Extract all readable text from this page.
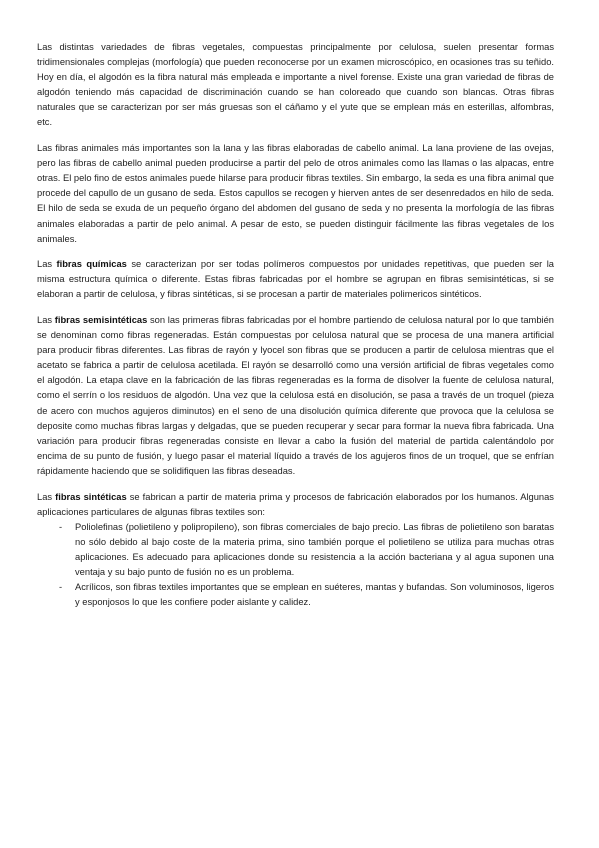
Las distintas variedades de fibras vegetales, compuestas principalmente por celulosa, suelen presentar formas tridimensionales complejas (morfología) que pueden reconocerse por un examen microscópico, en ocasiones tras su teñido. Hoy en día, el algodón es la fibra natural más empleada e importante a nivel forense. Existe una gran variedad de fibras de algodón teniendo más capacidad de discriminación cuando se han coloreado que cuando son blancas. Otras fibras naturales que se caracterizan por ser más gruesas son el cáñamo y el yute que se emplean más en esterillas, alfombras, etc.

Las fibras animales más importantes son la lana y las fibras elaboradas de cabello animal. La lana proviene de las ovejas, pero las fibras de cabello animal pueden producirse a partir del pelo de otros animales como las llamas o las alpacas, entre otras. El pelo fino de estos animales puede hilarse para producir fibras textiles. Sin embargo, la seda es una fibra animal que procede del capullo de un gusano de seda. Estos capullos se recogen y hierven antes de ser desenredados en hilo de seda. El hilo de seda se exuda de un pequeño órgano del abdomen del gusano de seda y no presenta la morfología de las fibras animales elaboradas a partir de pelo animal. A pesar de esto, se pueden distinguir fácilmente las fibras vegetales de los animales.

Las fibras químicas se caracterizan por ser todas polímeros compuestos por unidades repetitivas, que pueden ser la misma estructura química o diferente. Estas fibras fabricadas por el hombre se agrupan en fibras semisintéticas, si se elaboran a partir de celulosa, y fibras sintéticas, si se procesan a partir de materiales polimericos sintéticos.

Las fibras semisintéticas son las primeras fibras fabricadas por el hombre partiendo de celulosa natural por lo que también se denominan como fibras regeneradas. Están compuestas por celulosa natural que se procesa de una manera artificial para producir fibras diferentes. Las fibras de rayón y lyocel son fibras que se producen a partir de celulosa mientras que el acetato se fabrica a partir de celulosa acetilada. El rayón se desarrolló como una versión artificial de fibras vegetales como el algodón. La etapa clave en la fabricación de las fibras regeneradas es la forma de disolver la fuente de celulosa natural, como el serrín o los residuos de algodón. Una vez que la celulosa está en disolución, se pasa a través de un troquel (pieza de acero con muchos agujeros diminutos) en el seno de una disolución química diferente que provoca que la celulosa se deposite como muchas fibras largas y delgadas, que se pueden recuperar y secar para formar la nueva fibra fabricada. Una variación para producir fibras regeneradas consiste en llevar a cabo la fusión del material de partida calentándolo por encima de su punto de fusión, y luego pasar el material líquido a través de los agujeros finos de un troquel, que se enfrían rápidamente haciendo que se solidifiquen las fibras deseadas.

Las fibras sintéticas se fabrican a partir de materia prima y procesos de fabricación elaborados por los humanos. Algunas aplicaciones particulares de algunas fibras textiles son:

- Poliolefinas (polietileno y polipropileno), son fibras comerciales de bajo precio. Las fibras de polietileno son baratas no sólo debido al bajo coste de la materia prima, sino también porque el polietileno se utiliza para muchas otras aplicaciones. Es adecuado para aplicaciones donde su resistencia a la acción bacteriana y al agua suponen una ventaja y su bajo punto de fusión no es un problema.
- Acrílicos, son fibras textiles importantes que se emplean en suéteres, mantas y bufandas. Son voluminosos, ligeros y esponjosos lo que les confiere poder aislante y calidez.
